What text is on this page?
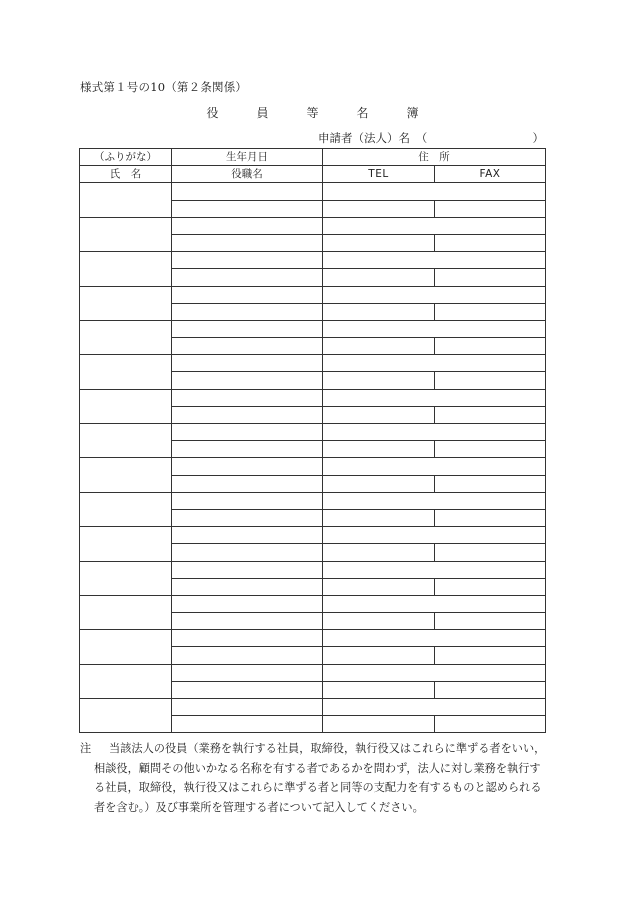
様式第１号の10（第２条関係）
役　員　等　名　簿
申請者（法人）名　（	）
（ふりがな）	生年月日	住　所	
氏　名	役職名	TEL	FAX

注	当該法人の役員（業務を執行する社員，取締役，執行役又はこれらに準ずる者をいい，相談役，顧問その他いかなる名称を有する者であるかを問わず，法人に対し業務を執行する社員，取締役，執行役又はこれらに準ずる者と同等の支配力を有するものと認められる者を含む。）及び事業所を管理する者について記入してください。
